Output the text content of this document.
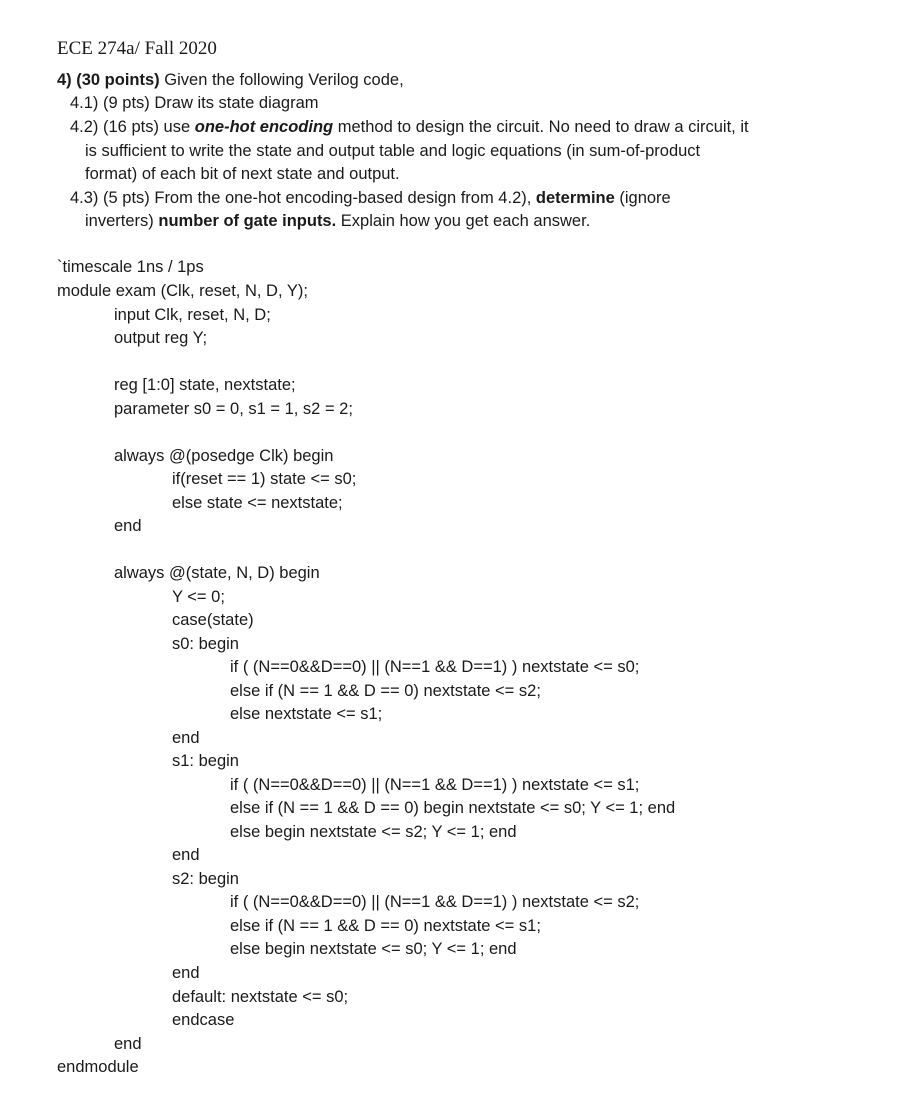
ECE 274a/ Fall 2020
4) (30 points) Given the following Verilog code,
4.1) (9 pts) Draw its state diagram
4.2) (16 pts) use one-hot encoding method to design the circuit. No need to draw a circuit, it
is sufficient to write the state and output table and logic equations (in sum-of-product
format) of each bit of next state and output.
4.3) (5 pts) From the one-hot encoding-based design from 4.2), determine (ignore
inverters) number of gate inputs. Explain how you get each answer.
`timescale 1ns / 1ps
module exam (Clk, reset, N, D, Y);
input Clk, reset, N, D;
output reg Y;
reg [1:0] state, nextstate;
parameter s0 = 0, s1 = 1, s2 = 2;
always @(posedge Clk) begin
if(reset == 1) state <= s0;
else state <= nextstate;
end
always @(state, N, D) begin
Y <= 0;
case(state)
s0: begin
if ( (N==0&&D==0) || (N==1 && D==1) ) nextstate <= s0;
else if (N == 1 && D == 0) nextstate <= s2;
else nextstate <= s1;
end
s1: begin
if ( (N==0&&D==0) || (N==1 && D==1) ) nextstate <= s1;
else if (N == 1 && D == 0) begin nextstate <= s0; Y <= 1; end
else begin nextstate <= s2; Y <= 1; end
end
s2: begin
if ( (N==0&&D==0) || (N==1 && D==1) ) nextstate <= s2;
else if (N == 1 && D == 0) nextstate <= s1;
else begin nextstate <= s0; Y <= 1; end
end
default: nextstate <= s0;
endcase
end
endmodule
